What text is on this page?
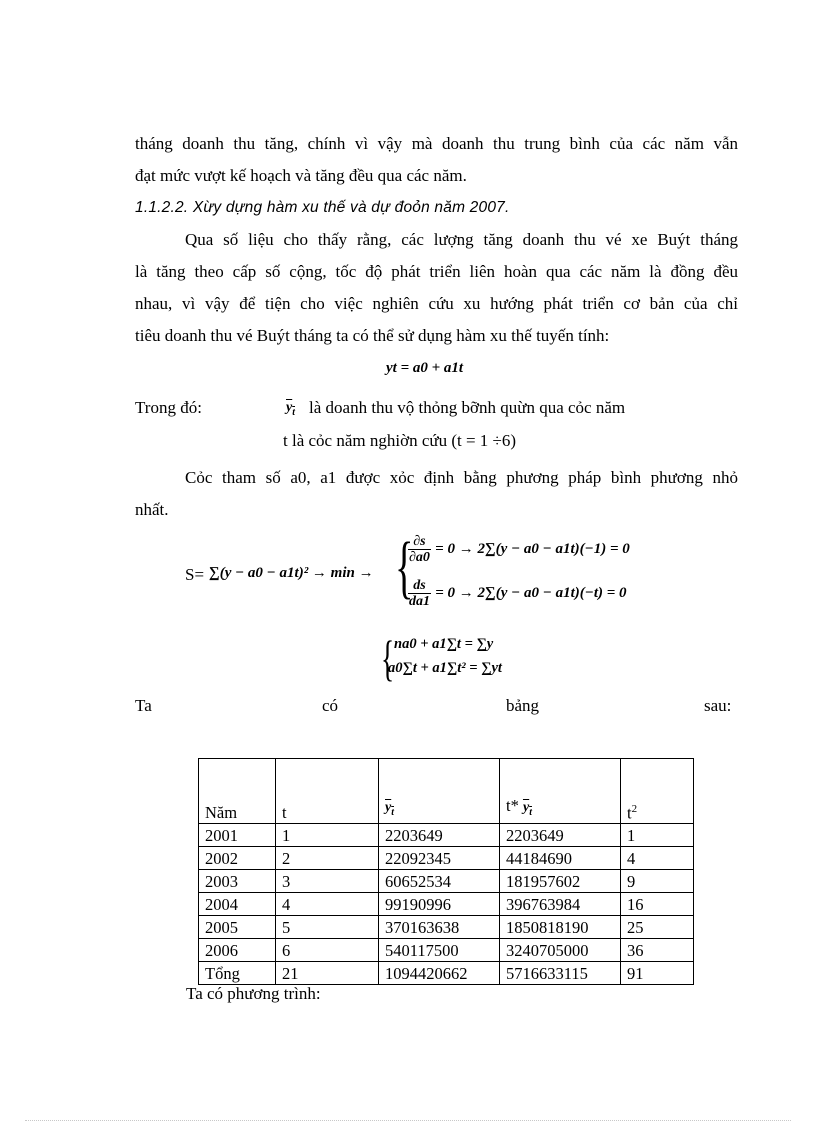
tháng doanh thu tăng, chính vì vậy mà doanh thu trung bình của các năm vẫn

đạt mức vượt kế hoạch và tăng đều qua các năm.

1.1.2.2. Xừy dựng hàm xu thế và dự đoỏn năm 2007.

Qua số liệu cho thấy rằng, các lượng tăng doanh thu vé xe Buýt tháng

là tăng theo cấp số cộng, tốc độ phát triển liên hoàn qua các năm là đồng đều

nhau, vì vậy để tiện cho việc nghiên cứu xu hướng phát triển cơ bản của chỉ

tiêu doanh thu vé Buýt tháng ta có thể sử dụng hàm xu thế tuyến tính:

yt = a0 + a1t
Trong đó:	$y_t$ là doanh thu vộ thỏng bỡnh quừn qua cỏc năm
t là cỏc năm nghiờn cứu (t = 1 ÷6)

Cỏc tham số a0, a1 được xỏc định bằng phương pháp bình phương nhỏ

nhất.

S= ∑(y − a0 − a1t)² → min → {
$\frac{\partial s}{\partial a0} = 0 \to 2\sum(y - a0 - a1t)(-1) = 0$
$\frac{ds}{da1} = 0 \to 2\sum(y - a0 - a1t)(-t) = 0$
{ na0 + a1∑t = ∑y
a0∑t + a1∑t² = ∑yt
Ta	có	bảng	sau:
Năm	t	$y_t$	t* $y_t$	$t^2$
2001	1	2203649	2203649	1
2002	2	22092345	44184690	4
2003	3	60652534	181957602	9
2004	4	99190996	396763984	16
2005	5	370163638	1850818190	25
2006	6	540117500	3240705000	36
Tổng	21	1094420662	5716633115	91
Ta có phương trình:
